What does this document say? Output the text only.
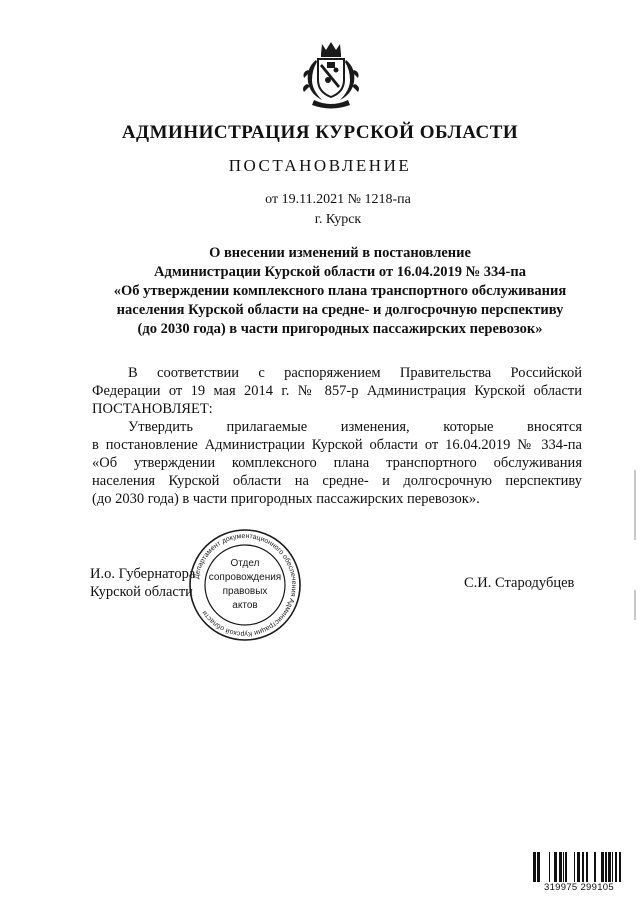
АДМИНИСТРАЦИЯ КУРСКОЙ ОБЛАСТИ
ПОСТАНОВЛЕНИЕ
от 19.11.2021 № 1218-па
г. Курск
О внесении изменений в постановление
Администрации Курской области от 16.04.2019 № 334-па
«Об утверждении комплексного плана транспортного обслуживания
населения Курской области на средне- и долгосрочную перспективу
(до 2030 года) в части пригородных пассажирских перевозок»
В соответствии с распоряжением Правительства Российской
Федерации от 19 мая 2014 г. № 857-р Администрация Курской области
ПОСТАНОВЛЯЕТ:
Утвердить прилагаемые изменения, которые вносятся
в постановление Администрации Курской области от 16.04.2019 № 334-па
«Об утверждении комплексного плана транспортного обслуживания
населения Курской области на средне- и долгосрочную перспективу
(до 2030 года) в части пригородных пассажирских перевозок».
И.о. Губернатора
Курской области
С.И. Стародубцев
Департамент документационного обеспечения Администрации Курской области
Отдел
сопровождения
правовых
актов
319975 299105
